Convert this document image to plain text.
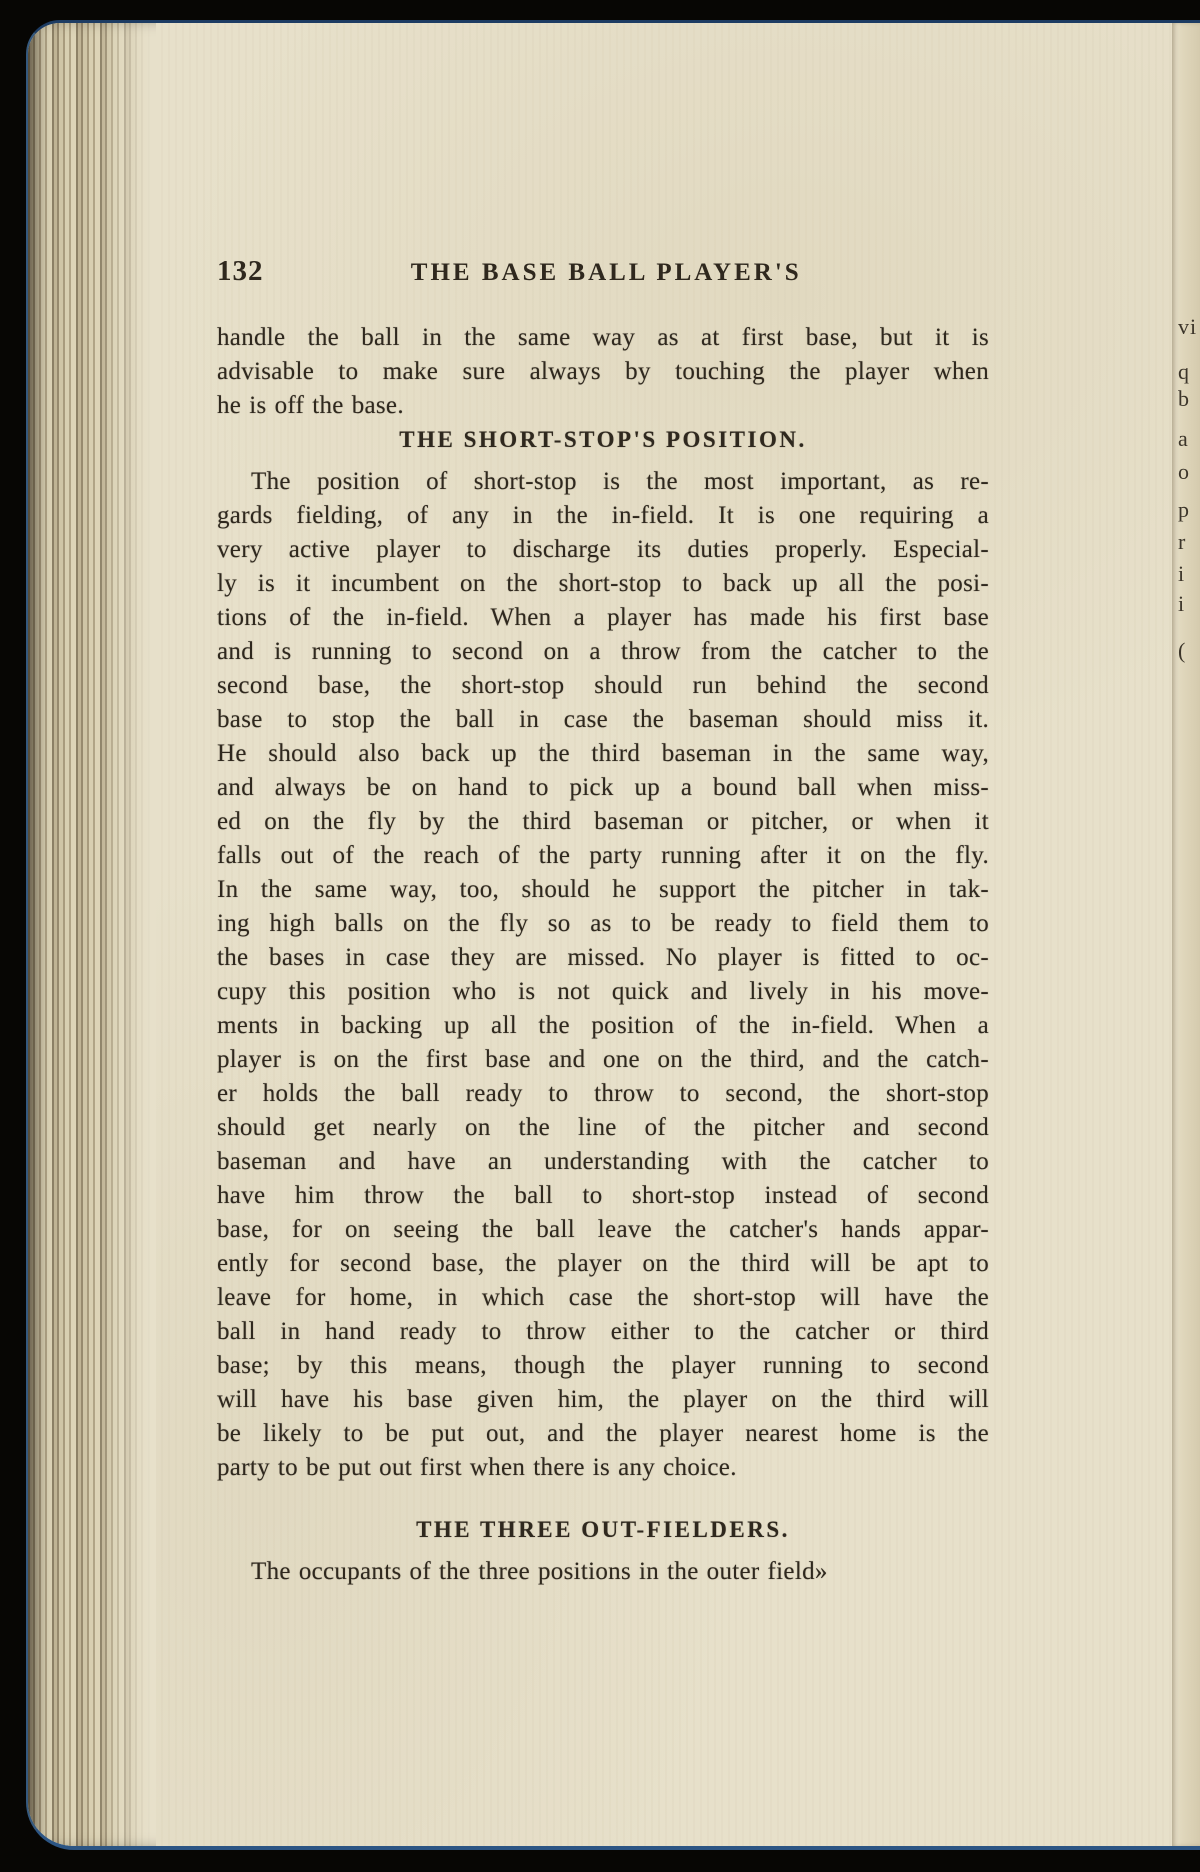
132	THE BASE BALL PLAYER'S
handle the ball in the same way as at first base, but it is
advisable to make sure always by touching the player when
he is off the base.
THE SHORT-STOP'S POSITION.
The position of short-stop is the most important, as re-
gards fielding, of any in the in-field. It is one requiring a
very active player to discharge its duties properly. Especial-
ly is it incumbent on the short-stop to back up all the posi-
tions of the in-field. When a player has made his first base
and is running to second on a throw from the catcher to the
second base, the short-stop should run behind the second
base to stop the ball in case the baseman should miss it.
He should also back up the third baseman in the same way,
and always be on hand to pick up a bound ball when miss-
ed on the fly by the third baseman or pitcher, or when it
falls out of the reach of the party running after it on the fly.
In the same way, too, should he support the pitcher in tak-
ing high balls on the fly so as to be ready to field them to
the bases in case they are missed. No player is fitted to oc-
cupy this position who is not quick and lively in his move-
ments in backing up all the position of the in-field. When a
player is on the first base and one on the third, and the catch-
er holds the ball ready to throw to second, the short-stop
should get nearly on the line of the pitcher and second
baseman and have an understanding with the catcher to
have him throw the ball to short-stop instead of second
base, for on seeing the ball leave the catcher's hands appar-
ently for second base, the player on the third will be apt to
leave for home, in which case the short-stop will have the
ball in hand ready to throw either to the catcher or third
base; by this means, though the player running to second
will have his base given him, the player on the third will
be likely to be put out, and the player nearest home is the
party to be put out first when there is any choice.
THE THREE OUT-FIELDERS.
The occupants of the three positions in the outer field»
vi
q
b
a
o
p
r
i
i
(
